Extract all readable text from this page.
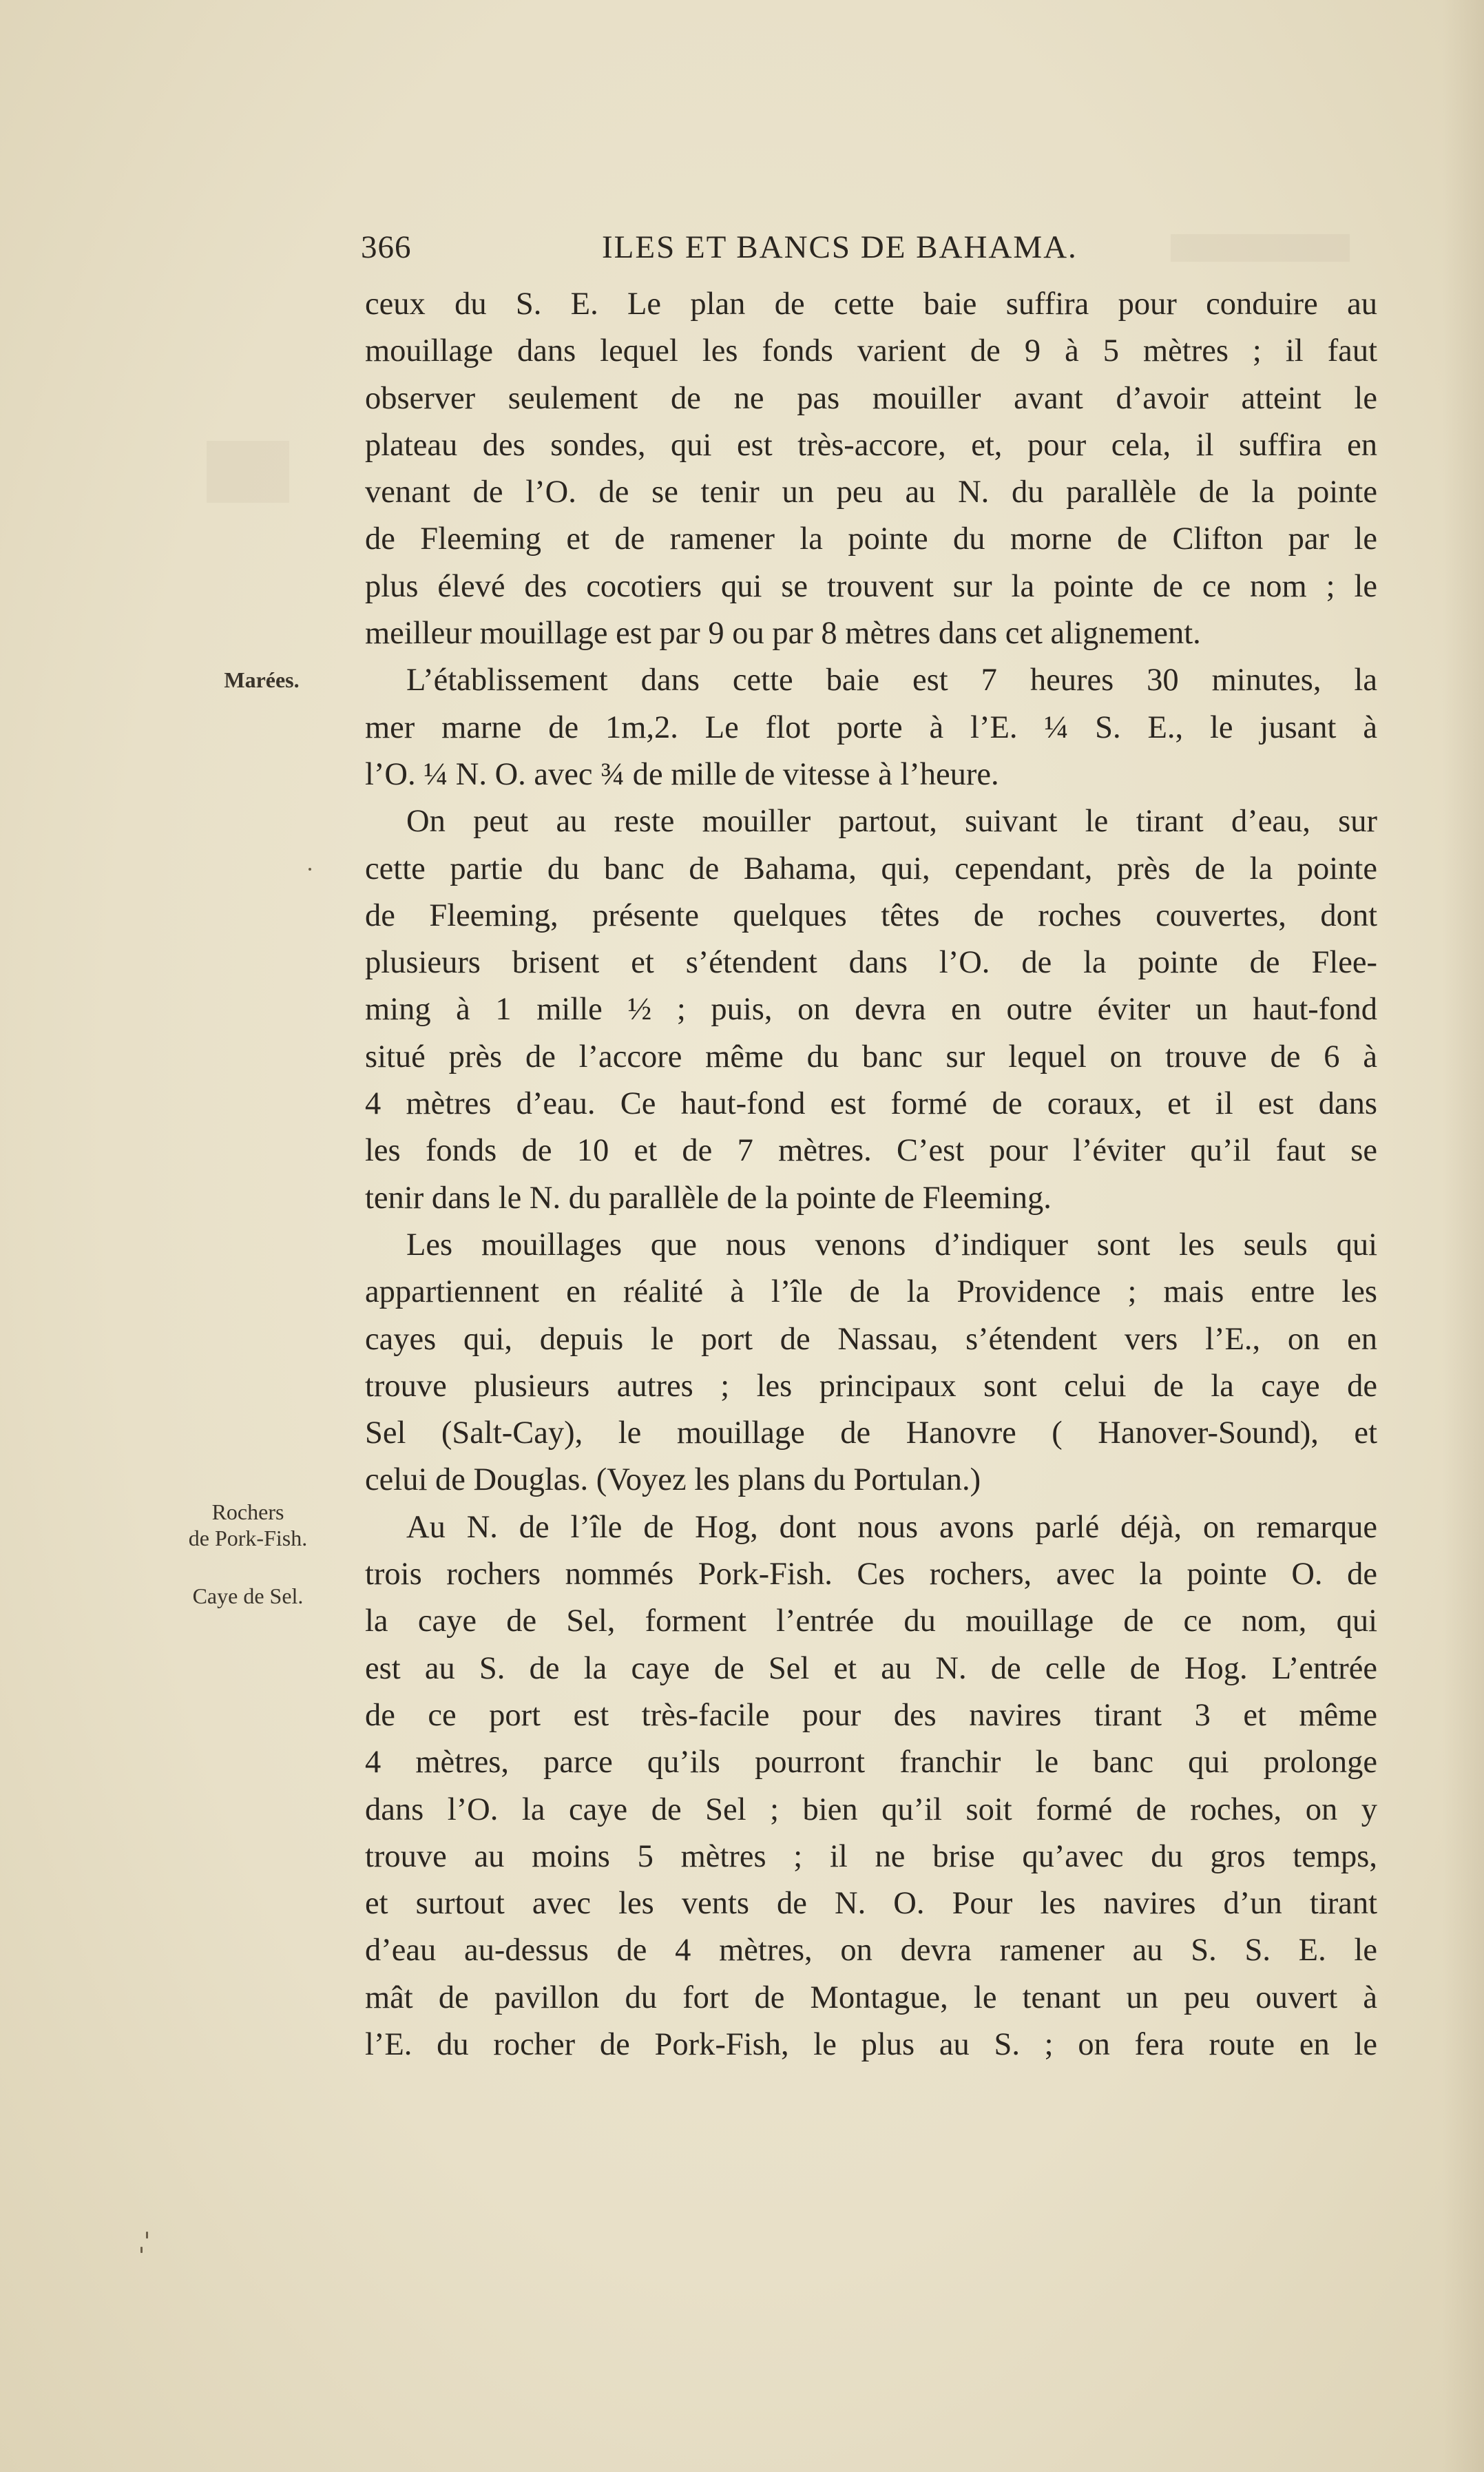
366	ILES ET BANCS DE BAHAMA.
Marées.
Rochers
de Pork-Fish.
Caye de Sel.
ceux du S. E. Le plan de cette baie suffira pour conduire au
mouillage dans lequel les fonds varient de 9 à 5 mètres ; il faut
observer seulement de ne pas mouiller avant d’avoir atteint le
plateau des sondes, qui est très-accore, et, pour cela, il suffira en
venant de l’O. de se tenir un peu au N. du parallèle de la pointe
de Fleeming et de ramener la pointe du morne de Clifton par le
plus élevé des cocotiers qui se trouvent sur la pointe de ce nom ; le
meilleur mouillage est par 9 ou par 8 mètres dans cet alignement.
L’établissement dans cette baie est 7 heures 30 minutes, la
mer marne de 1m,2. Le flot porte à l’E. ¼ S. E., le jusant à
l’O. ¼ N. O. avec ¾ de mille de vitesse à l’heure.
On peut au reste mouiller partout, suivant le tirant d’eau, sur
cette partie du banc de Bahama, qui, cependant, près de la pointe
de Fleeming, présente quelques têtes de roches couvertes, dont
plusieurs brisent et s’étendent dans l’O. de la pointe de Flee-
ming à 1 mille ½ ; puis, on devra en outre éviter un haut-fond
situé près de l’accore même du banc sur lequel on trouve de 6 à
4 mètres d’eau. Ce haut-fond est formé de coraux, et il est dans
les fonds de 10 et de 7 mètres. C’est pour l’éviter qu’il faut se
tenir dans le N. du parallèle de la pointe de Fleeming.
Les mouillages que nous venons d’indiquer sont les seuls qui
appartiennent en réalité à l’île de la Providence ; mais entre les
cayes qui, depuis le port de Nassau, s’étendent vers l’E., on en
trouve plusieurs autres ; les principaux sont celui de la caye de
Sel (Salt-Cay), le mouillage de Hanovre ( Hanover-Sound), et
celui de Douglas. (Voyez les plans du Portulan.)
Au N. de l’île de Hog, dont nous avons parlé déjà, on remarque
trois rochers nommés Pork-Fish. Ces rochers, avec la pointe O. de
la caye de Sel, forment l’entrée du mouillage de ce nom, qui
est au S. de la caye de Sel et au N. de celle de Hog. L’entrée
de ce port est très-facile pour des navires tirant 3 et même
4 mètres, parce qu’ils pourront franchir le banc qui prolonge
dans l’O. la caye de Sel ; bien qu’il soit formé de roches, on y
trouve au moins 5 mètres ; il ne brise qu’avec du gros temps,
et surtout avec les vents de N. O. Pour les navires d’un tirant
d’eau au-dessus de 4 mètres, on devra ramener au S. S. E. le
mât de pavillon du fort de Montague, le tenant un peu ouvert à
l’E. du rocher de Pork-Fish, le plus au S. ; on fera route en le
